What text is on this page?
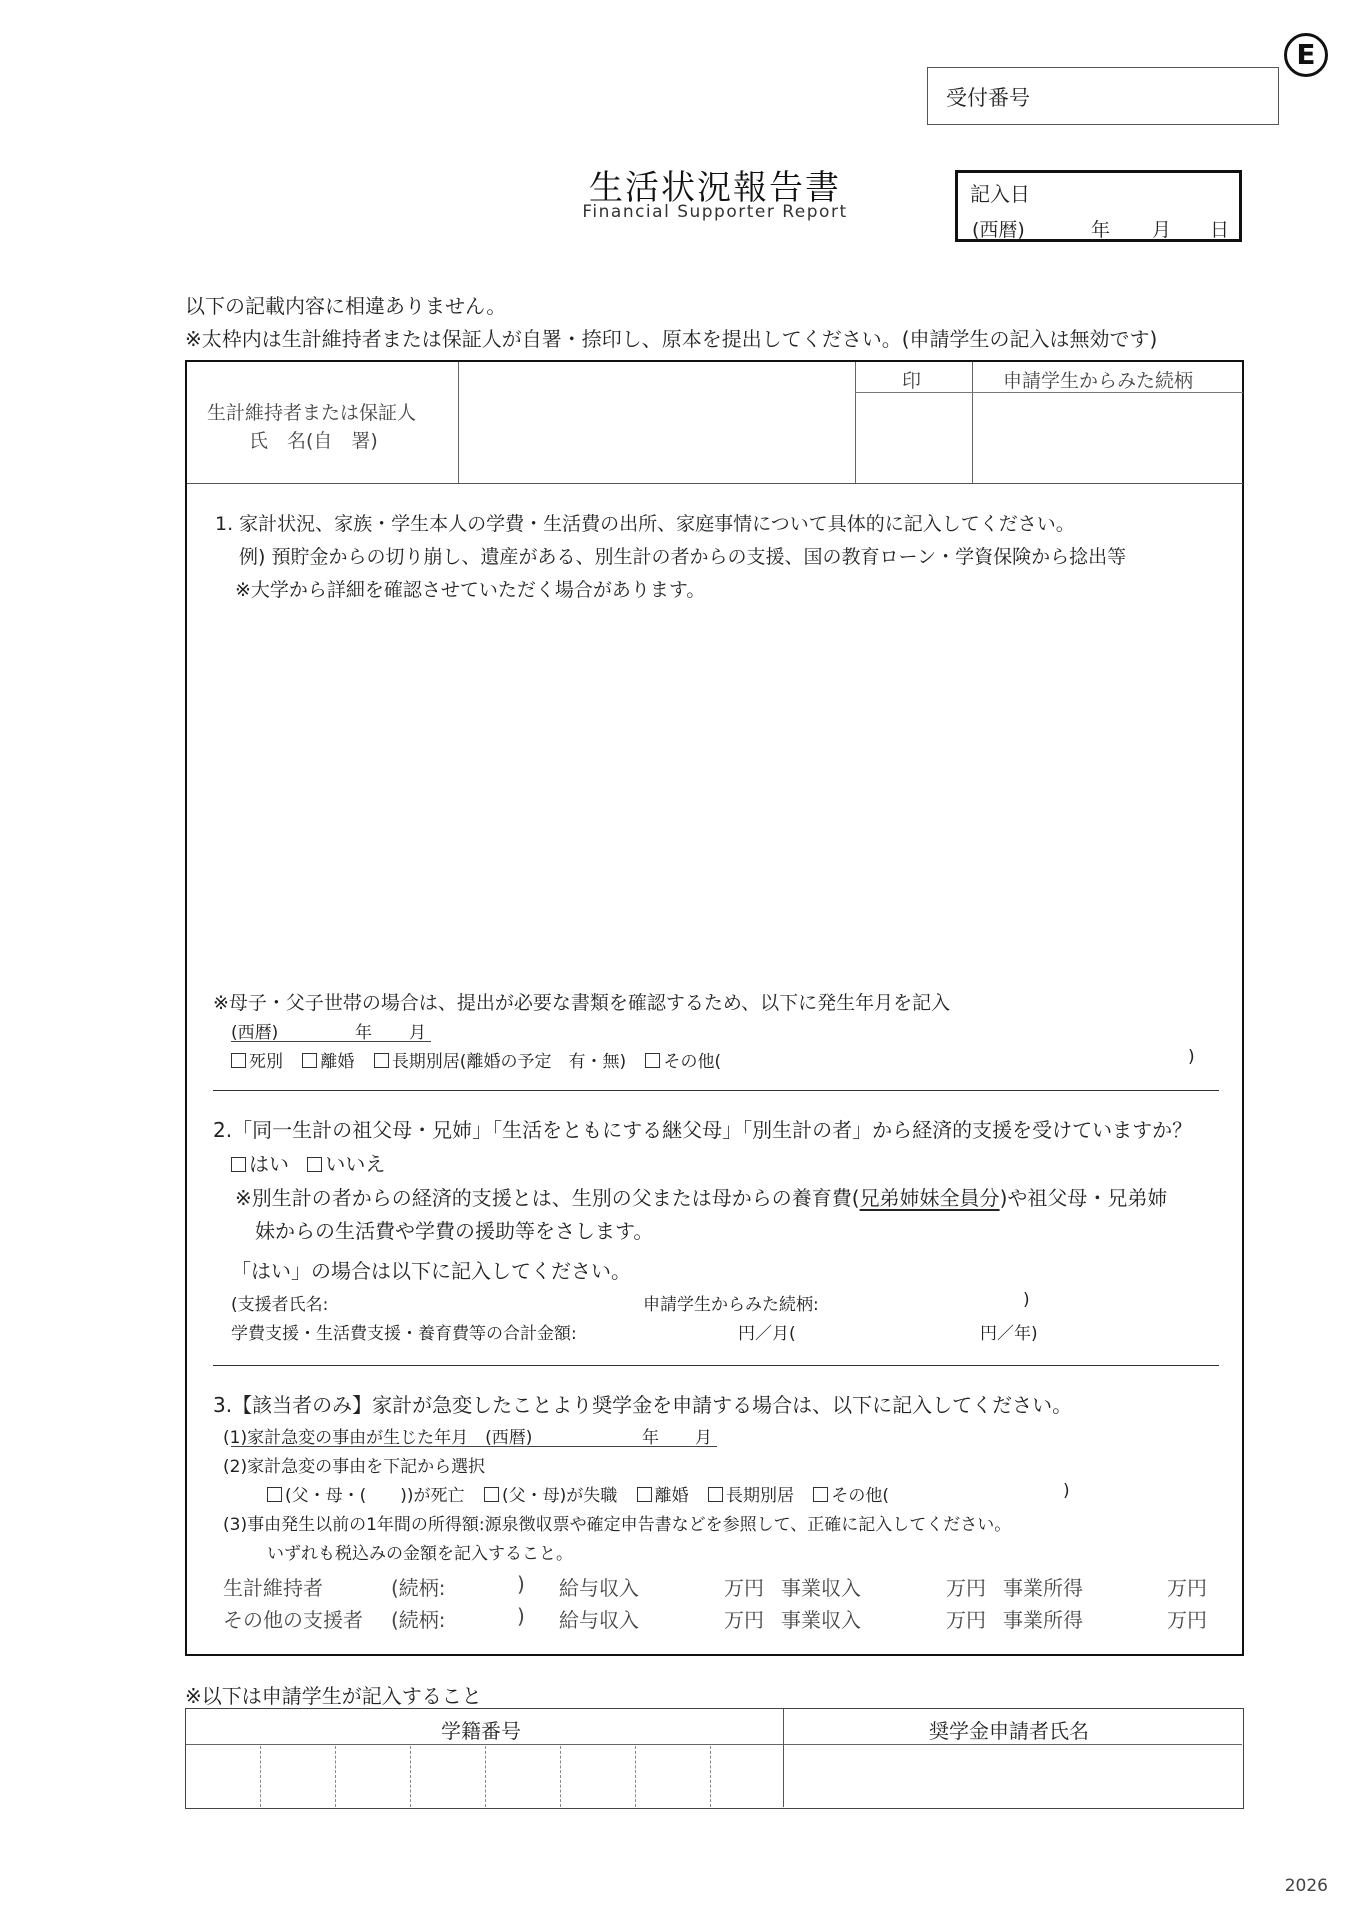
E
受付番号
生活状況報告書
Financial Supporter Report
記入日
(西暦)	年 月 日
以下の記載内容に相違ありません。
※太枠内は生計維持者または保証人が自署・捺印し、原本を提出してください。(申請学生の記入は無効です)
生計維持者または保証人
氏　名(自　署)
印	申請学生からみた続柄
1. 家計状況、家族・学生本人の学費・生活費の出所、家庭事情について具体的に記入してください。
例) 預貯金からの切り崩し、遺産がある、別生計の者からの支援、国の教育ローン・学資保険から捻出等
※大学から詳細を確認させていただく場合があります。
※母子・父子世帯の場合は、提出が必要な書類を確認するため、以下に発生年月を記入
(西暦)	年 月
死別 離婚 長期別居(離婚の予定　有・無) その他(	)
2.「同一生計の祖父母・兄姉」「生活をともにする継父母」「別生計の者」から経済的支援を受けていますか？
はい いいえ
※別生計の者からの経済的支援とは、生別の父または母からの養育費(兄弟姉妹全員分)や祖父母・兄弟姉
妹からの生活費や学費の援助等をさします。
「はい」の場合は以下に記入してください。
(支援者氏名:	申請学生からみた続柄:	)
学費支援・生活費支援・養育費等の合計金額:	円／月(	円／年)
3.【該当者のみ】家計が急変したことより奨学金を申請する場合は、以下に記入してください。
(1)家計急変の事由が生じた年月　 (西暦)	年 月
(2)家計急変の事由を下記から選択
(父・母・(　　))が死亡 (父・母)が失職 離婚 長期別居 その他(	)
(3)事由発生以前の1年間の所得額:源泉徴収票や確定申告書などを参照して、正確に記入してください。
いずれも税込みの金額を記入すること。
生計維持者	(続柄:	) 給与収入	万円 事業収入	万円 事業所得	万円
その他の支援者 (続柄:	) 給与収入	万円 事業収入	万円 事業所得	万円
※以下は申請学生が記入すること
学籍番号	奨学金申請者氏名
2026
